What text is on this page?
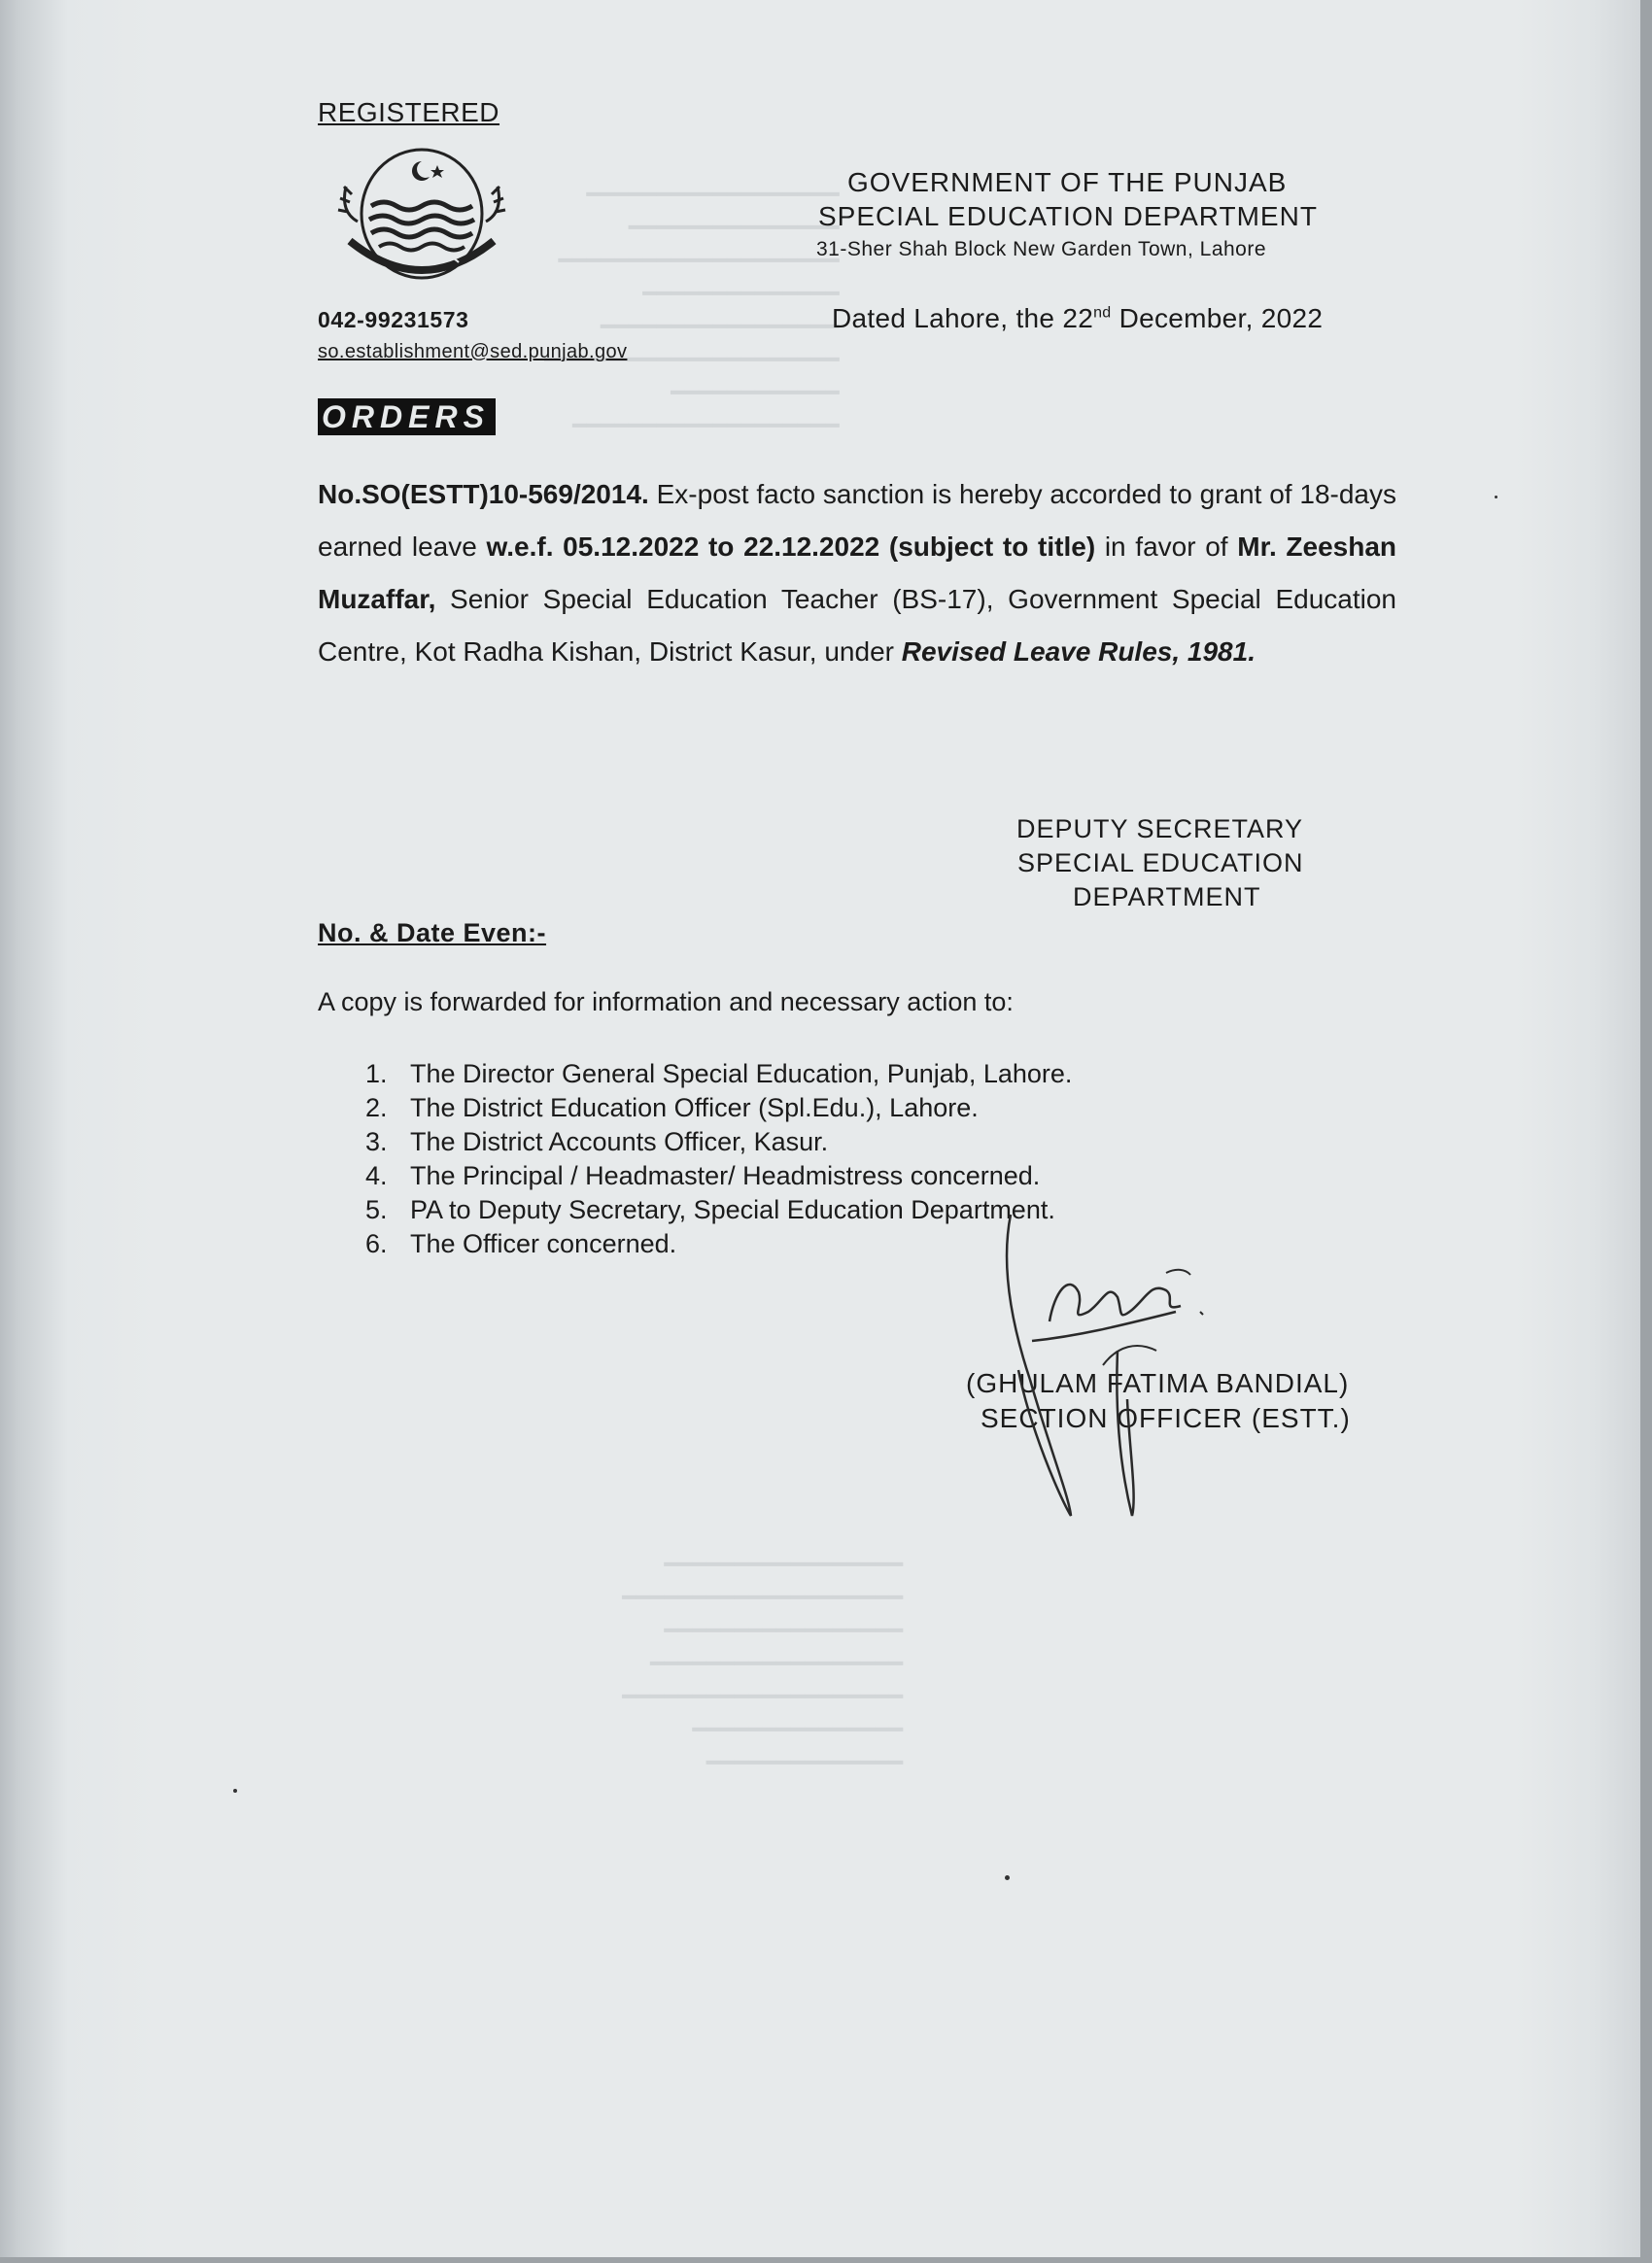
━━━━━━━━━━━━━━━━━━
━━━━━━━━━━━━━━━
━━━━━━━━━━━━━━━━━━━━
━━━━━━━━━━━━━━
━━━━━━━━━━━━━━━━━
━━━━━━━━━━━━━━━━━━━━━
━━━━━━━━━━━━
━━━━━━━━━━━━━━━━━━━

━━━━━━━━━━━━━━━━━
━━━━━━━━━━━━━━━━━━━━
━━━━━━━━━━━━━━━━━
━━━━━━━━━━━━━━━━━━
━━━━━━━━━━━━━━━━━━━━
━━━━━━━━━━━━━━━
━━━━━━━━━━━━━━
REGISTERED
GOVERNMENT OF THE PUNJAB
SPECIAL EDUCATION DEPARTMENT
31-Sher Shah Block New Garden Town, Lahore
042-99231573
so.establishment@sed.punjab.gov
Dated Lahore, the 22nd December, 2022
ORDERS
No.SO(ESTT)10-569/2014. Ex-post facto sanction is hereby accorded to grant of 18-days earned leave w.e.f. 05.12.2022 to 22.12.2022 (subject to title) in favor of Mr. Zeeshan Muzaffar, Senior Special Education Teacher (BS-17), Government Special Education Centre, Kot Radha Kishan, District Kasur, under Revised Leave Rules, 1981.
DEPUTY SECRETARY
SPECIAL EDUCATION
DEPARTMENT
No. & Date Even:-
A copy is forwarded for information and necessary action to:
1. The Director General Special Education, Punjab, Lahore.
2. The District Education Officer (Spl.Edu.), Lahore.
3. The District Accounts Officer, Kasur.
4. The Principal / Headmaster/ Headmistress concerned.
5. PA to Deputy Secretary, Special Education Department.
6. The Officer concerned.
(GHULAM FATIMA BANDIAL)
SECTION OFFICER (ESTT.)
